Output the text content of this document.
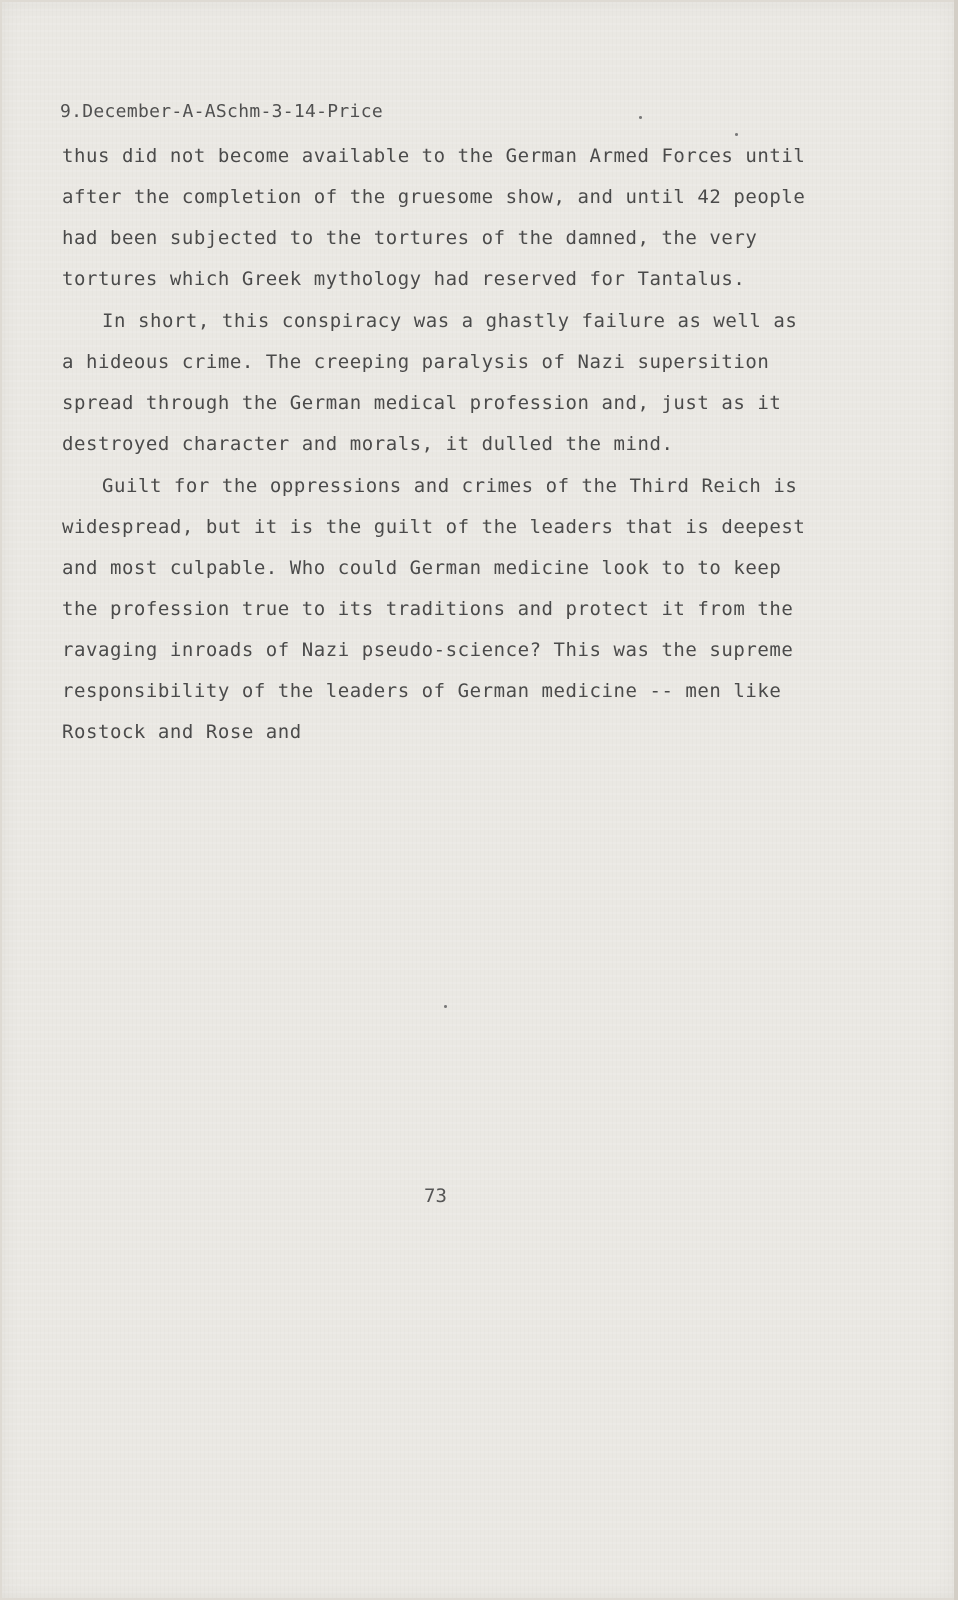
9.December-A-ASchm-3-14-Price
thus did not become available to the German Armed Forces until
after the completion of the gruesome show, and until 42 people
had been subjected to the tortures of the damned, the very
tortures which Greek mythology had reserved for Tantalus.
In short, this conspiracy was a ghastly failure as well as
a hideous crime. The creeping paralysis of Nazi supersition
spread through the German medical profession and, just as it
destroyed character and morals, it dulled the mind.
Guilt for the oppressions and crimes of the Third Reich is
widespread, but it is the guilt of the leaders that is deepest
and most culpable. Who could German medicine look to to keep
the profession true to its traditions and protect it from the
ravaging inroads of Nazi pseudo-science? This was the supreme
responsibility of the leaders of German medicine -- men like
Rostock and Rose and
73
